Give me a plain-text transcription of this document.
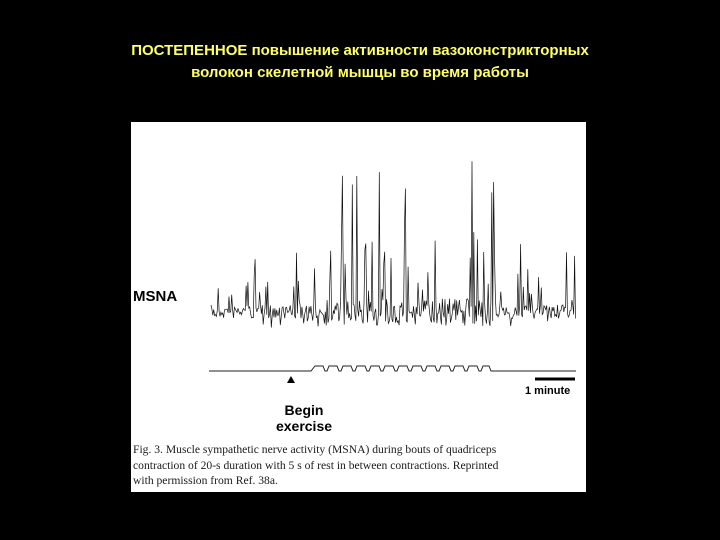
ПОСТЕПЕННОЕ повышение активности вазоконстрикторных
волокон скелетной мышцы во время работы
MSNA
1 minute
Begin
exercise
Fig. 3. Muscle sympathetic nerve activity (MSNA) during bouts of quadriceps
contraction of 20-s duration with 5 s of rest in between contractions. Reprinted
with permission from Ref. 38a.
